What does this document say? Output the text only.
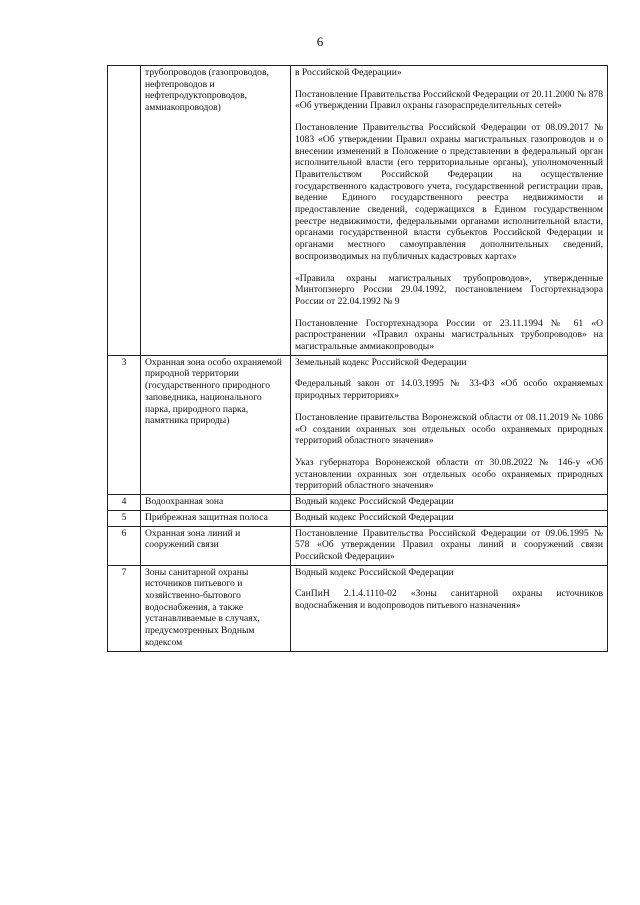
6
	трубопроводов (газопроводов, нефтепроводов и нефтепродуктопроводов, аммиакопроводов)	в Российской Федерации»

Постановление Правительства Российской Федерации от 20.11.2000 № 878 «Об утверждении Правил охраны газораспределительных сетей»

Постановление Правительства Российской Федерации от 08.09.2017 № 1083 «Об утверждении Правил охраны магистральных газопроводов и о внесении изменений в Положение о представлении в федеральный орган исполнительной власти (его территориальные органы), уполномоченный Правительством Российской Федерации на осуществление государственного кадастрового учета, государственной регистрации прав, ведение Единого государственного реестра недвижимости и предоставление сведений, содержащихся в Едином государственном реестре недвижимости, федеральными органами исполнительной власти, органами государственной власти субъектов Российской Федерации и органами местного самоуправления дополнительных сведений, воспроизводимых на публичных кадастровых картах»

«Правила охраны магистральных трубопроводов», утвержденные Минтопэнерго России 29.04.1992, постановлением Госгортехнадзора России от 22.04.1992 № 9

Постановление Госгортехнадзора России от 23.11.1994 № 61 «О распространении «Правил охраны магистральных трубопроводов» на магистральные аммиакопроводы»

3	Охранная зона особо охраняемой природной территории (государственного природного заповедника, национального парка, природного парка, памятника природы)	Земельный кодекс Российской Федерации

Федеральный закон от 14.03.1995 № 33-ФЗ «Об особо охраняемых природных территориях»

Постановление правительства Воронежской области от 08.11.2019 № 1086 «О создании охранных зон отдельных особо охраняемых природных территорий областного значения»

Указ губернатора Воронежской области от 30.08.2022 № 146-у «Об установлении охранных зон отдельных особо охраняемых природных территорий областного значения»

4	Водоохранная зона	Водный кодекс Российской Федерации

5	Прибрежная защитная полоса	Водный кодекс Российской Федерации

6	Охранная зона линий и сооружений связи	Постановление Правительства Российской Федерации от 09.06.1995 № 578 «Об утверждении Правил охраны линий и сооружений связи Российской Федерации»

7	Зоны санитарной охраны источников питьевого и хозяйственно-бытового водоснабжения, а также устанавливаемые в случаях, предусмотренных Водным кодексом	Водный кодекс Российской Федерации

СанПиН 2.1.4.1110-02 «Зоны санитарной охраны источников водоснабжения и водопроводов питьевого назначения»
